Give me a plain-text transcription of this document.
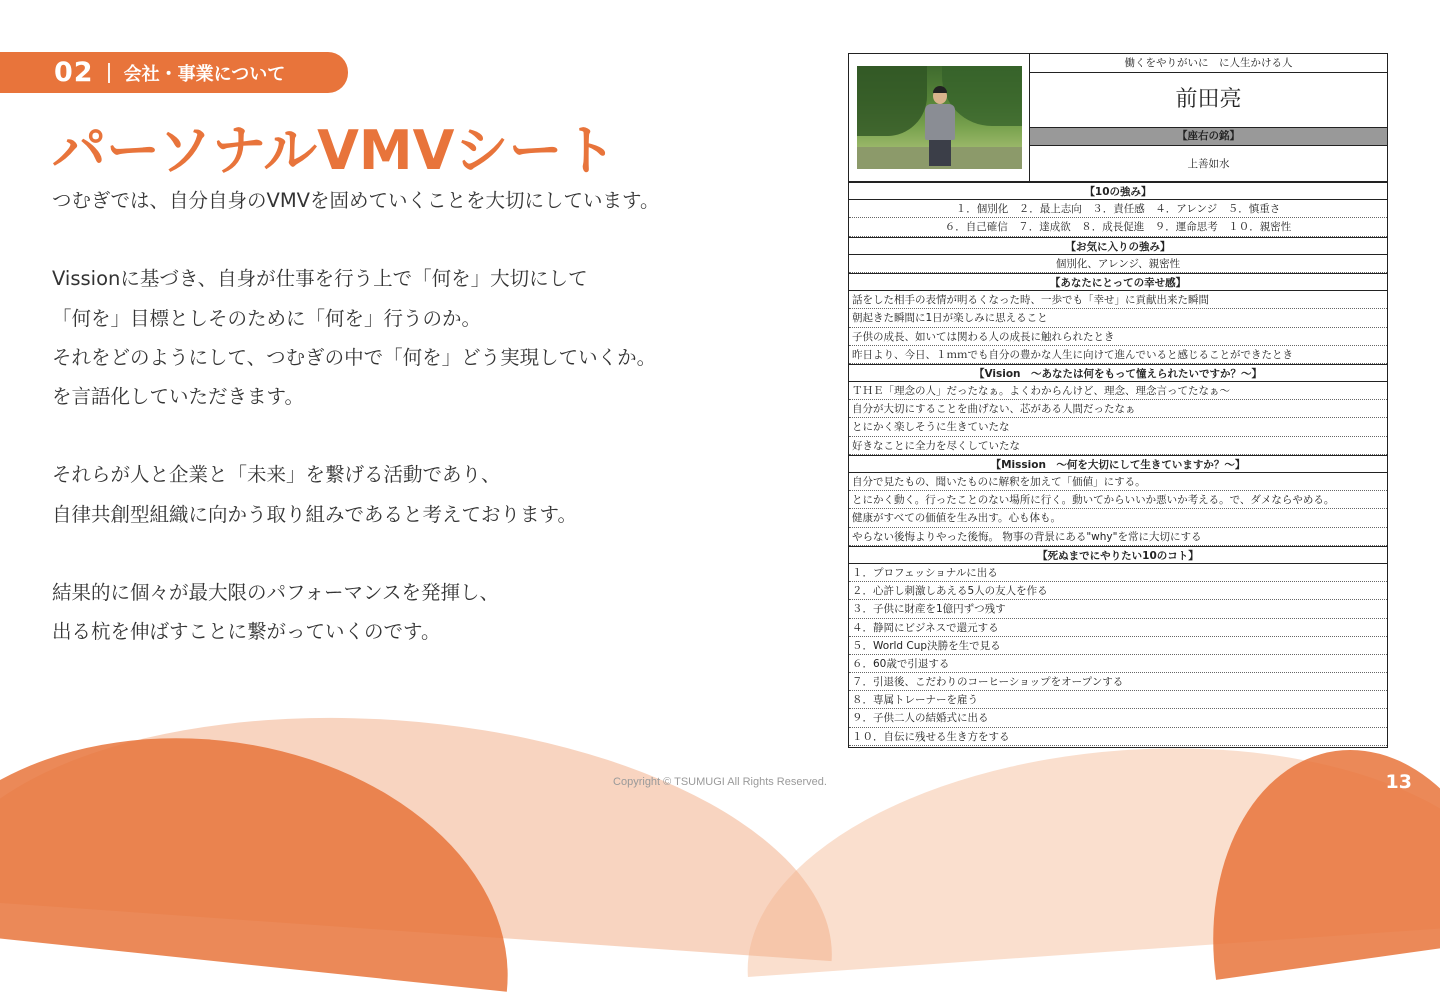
02 会社・事業について
パーソナルVMVシート
つむぎでは、自分自身のVMVを固めていくことを大切にしています。
Vissionに基づき、自身が仕事を行う上で「何を」大切にして
「何を」目標としそのために「何を」行うのか。
それをどのようにして、つむぎの中で「何を」どう実現していくか。
を言語化していただきます。
それらが人と企業と「未来」を繋げる活動であり、
自律共創型組織に向かう取り組みであると考えております。
結果的に個々が最大限のパフォーマンスを発揮し、
出る杭を伸ばすことに繋がっていくのです。
働くをやりがいに　に人生かける人
前田亮
【座右の銘】
上善如水
【10の強み】
１．個別化　２．最上志向　３．責任感　４．アレンジ　５．慎重さ
６．自己確信　７．達成欲　８．成長促進　９．運命思考　１０．親密性
【お気に入りの強み】
個別化、アレンジ、親密性
【あなたにとっての幸せ感】
話をした相手の表情が明るくなった時、一歩でも「幸せ」に貢献出来た瞬間
朝起きた瞬間に1日が楽しみに思えること
子供の成長、如いては関わる人の成長に触れられたとき
昨日より、今日、１ｍｍでも自分の豊かな人生に向けて進んでいると感じることができたとき
【Vision　～あなたは何をもって憧えられたいですか？～】
ＴＨＥ「理念の人」だったなぁ。よくわからんけど、理念、理念言ってたなぁ～
自分が大切にすることを曲げない、芯がある人間だったなぁ
とにかく楽しそうに生きていたな
好きなことに全力を尽くしていたな
【Mission　～何を大切にして生きていますか？～】
自分で見たもの、聞いたものに解釈を加えて「価値」にする。
とにかく動く。行ったことのない場所に行く。動いてからいいか悪いか考える。で、ダメならやめる。
健康がすべての価値を生み出す。心も体も。
やらない後悔よりやった後悔。 物事の背景にある"why"を常に大切にする
【死ぬまでにやりたい10のコト】
１．プロフェッショナルに出る
２．心許し刺激しあえる5人の友人を作る
３．子供に財産を1億円ずつ残す
４．静岡にビジネスで還元する
５．World Cup決勝を生で見る
６．60歳で引退する
７．引退後、こだわりのコーヒーショップをオープンする
８．専属トレーナーを雇う
９．子供二人の結婚式に出る
１０．自伝に残せる生き方をする
Copyright © TSUMUGI All Rights Reserved.	13
